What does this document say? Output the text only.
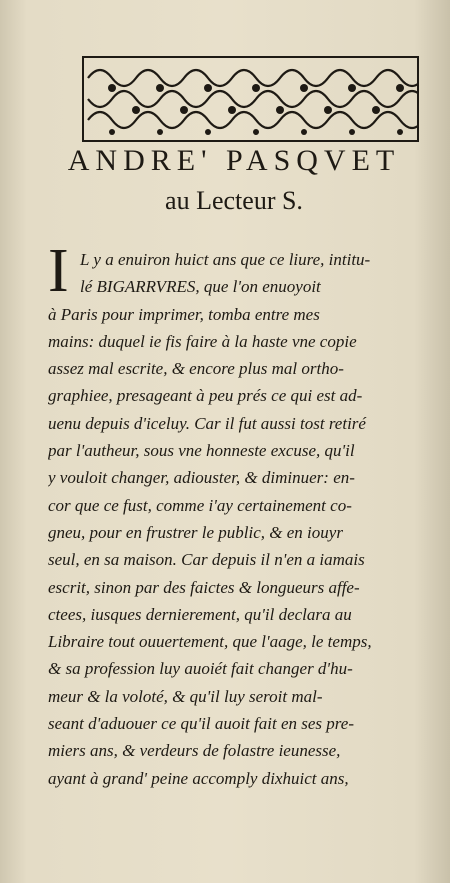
ANDRE' PASQVET
au Lecteur S.
I L y a enuiron huict ans que ce liure, intitu-
lé BIGARRVRES, que l'on enuoyoit
à Paris pour imprimer, tomba entre mes
mains: duquel ie fis faire à la haste vne copie
assez mal escrite, & encore plus mal ortho-
graphiee, presageant à peu prés ce qui est ad-
uenu depuis d'iceluy. Car il fut aussi tost retiré
par l'autheur, sous vne honneste excuse, qu'il
y vouloit changer, adiouster, & diminuer: en-
cor que ce fust, comme i'ay certainement co-
gneu, pour en frustrer le public, & en iouyr
seul, en sa maison. Car depuis il n'en a iamais
escrit, sinon par des faictes & longueurs affe-
ctees, iusques dernierement, qu'il declara au
Libraire tout ouuertement, que l'aage, le temps,
& sa profession luy auoiét fait changer d'hu-
meur & la voloté, & qu'il luy seroit mal-
seant d'aduouer ce qu'il auoit fait en ses pre-
miers ans, & verdeurs de folastre ieunesse,
ayant à grand' peine accomply dixhuict ans,
